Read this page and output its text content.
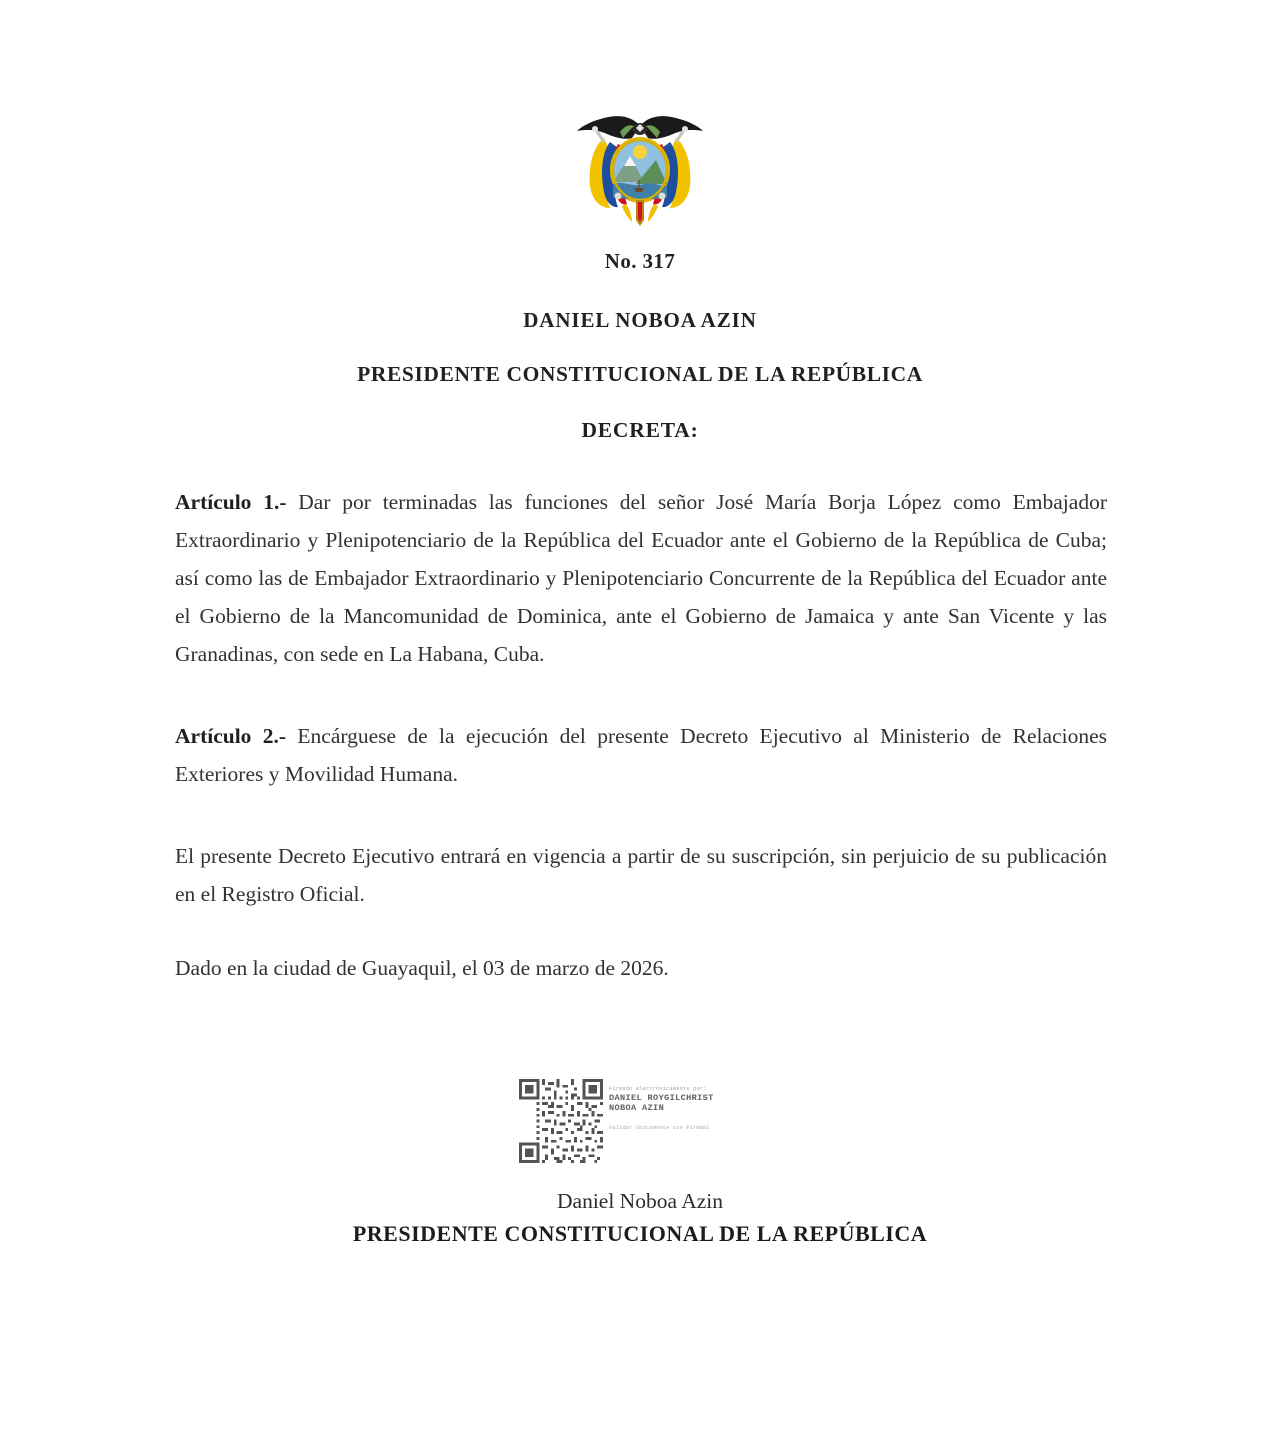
No. 317
DANIEL NOBOA AZIN
PRESIDENTE CONSTITUCIONAL DE LA REPÚBLICA
DECRETA:

Artículo 1.- Dar por terminadas las funciones del señor José María Borja López como Embajador Extraordinario y Plenipotenciario de la República del Ecuador ante el Gobierno de la República de Cuba; así como las de Embajador Extraordinario y Plenipotenciario Concurrente de la República del Ecuador ante el Gobierno de la Mancomunidad de Dominica, ante el Gobierno de Jamaica y ante San Vicente y las Granadinas, con sede en La Habana, Cuba.

Artículo 2.- Encárguese de la ejecución del presente Decreto Ejecutivo al Ministerio de Relaciones Exteriores y Movilidad Humana.

El presente Decreto Ejecutivo entrará en vigencia a partir de su suscripción, sin perjuicio de su publicación en el Registro Oficial.

Dado en la ciudad de Guayaquil, el 03 de marzo de 2026.

Firmado electrónicamente por:
DANIEL ROYGILCHRIST
NOBOA AZIN
Validar únicamente con FirmaEC
Daniel Noboa Azin
PRESIDENTE CONSTITUCIONAL DE LA REPÚBLICA
